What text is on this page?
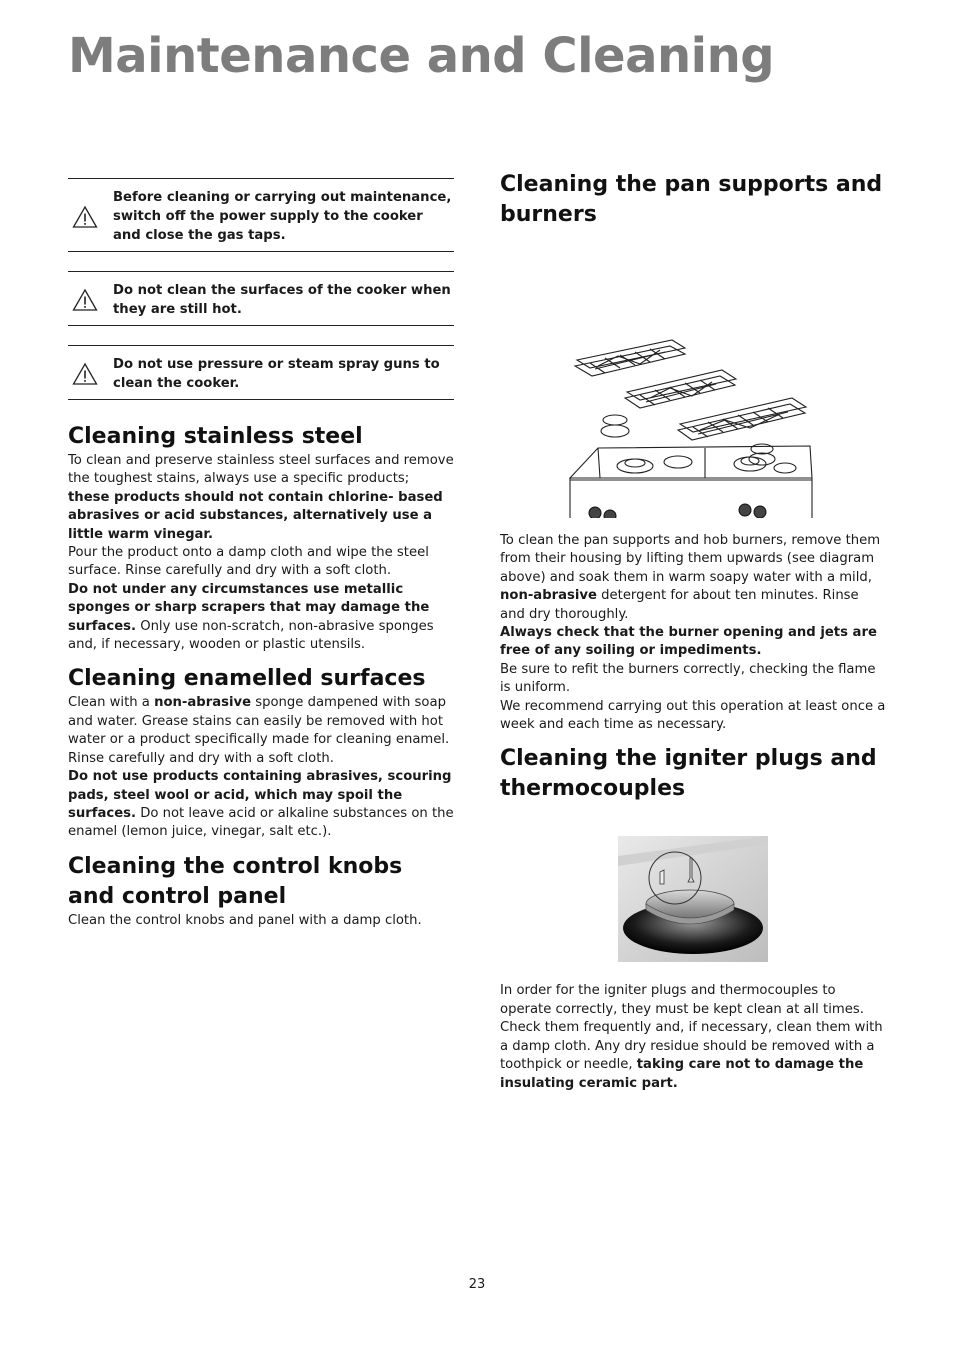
Maintenance and Cleaning
Before cleaning or carrying out maintenance, switch off the power supply to the cooker and close the gas taps.
Do not clean the surfaces of the cooker when they are still hot.
Do not use pressure or steam spray guns to clean the cooker.
Cleaning stainless steel

To clean and preserve stainless steel surfaces and remove the toughest stains, always use a specific products; these products should not contain chlorine- based abrasives or acid substances, alternatively use a little warm vinegar.

Pour the product onto a damp cloth and wipe the steel surface. Rinse carefully and dry with a soft cloth.

Do not under any circumstances use metallic sponges or sharp scrapers that may damage the surfaces. Only use non-scratch, non-abrasive sponges and, if necessary, wooden or plastic utensils.

Cleaning enamelled surfaces

Clean with a non-abrasive sponge dampened with soap and water. Grease stains can easily be removed with hot water or a product specifically made for cleaning enamel. Rinse carefully and dry with a soft cloth.

Do not use products containing abrasives, scouring pads, steel wool or acid, which may spoil the surfaces. Do not leave acid or alkaline substances on the enamel (lemon juice, vinegar, salt etc.).

Cleaning the control knobs and control panel

Clean the control knobs and panel with a damp cloth.

Cleaning the pan supports and burners

To clean the pan supports and hob burners, remove them from their housing by lifting them upwards (see diagram above) and soak them in warm soapy water with a mild, non-abrasive detergent for about ten minutes. Rinse and dry thoroughly.

Always check that the burner opening and jets are free of any soiling or impediments.

Be sure to refit the burners correctly, checking the flame is uniform.

We recommend carrying out this operation at least once a week and each time as necessary.

Cleaning the igniter plugs and thermocouples

In order for the igniter plugs and thermocouples to operate correctly, they must be kept clean at all times. Check them frequently and, if necessary, clean them with a damp cloth. Any dry residue should be removed with a toothpick or needle, taking care not to damage the insulating ceramic part.

23
